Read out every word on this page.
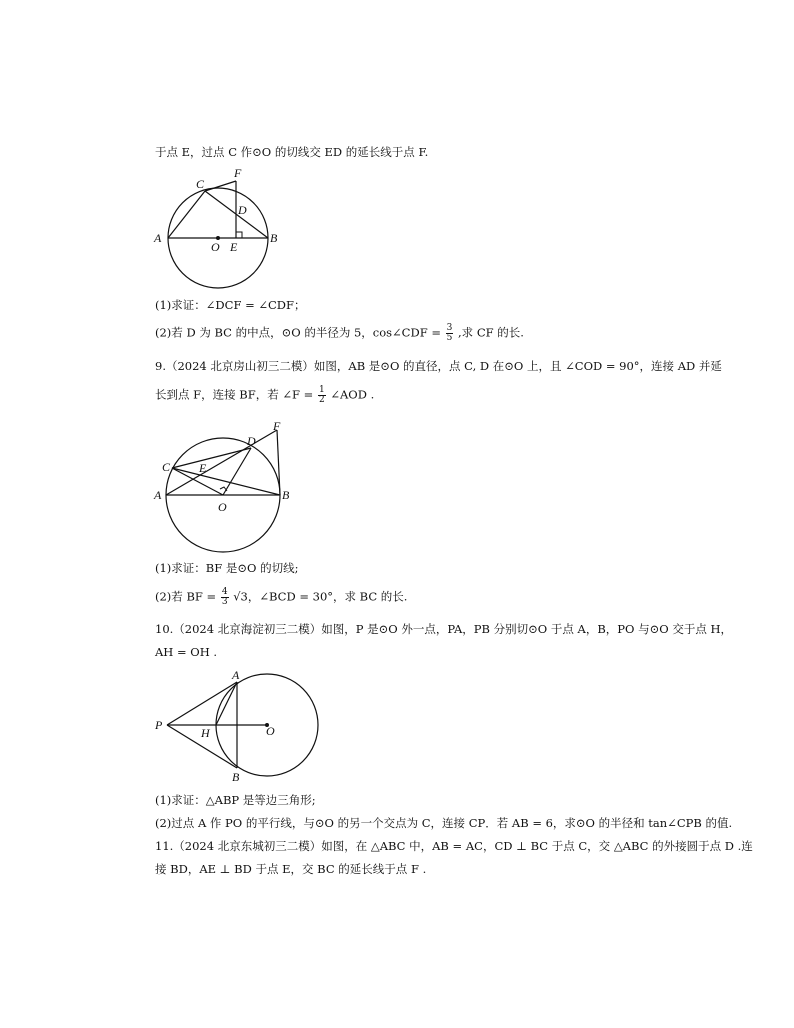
于点 E，过点 C 作⊙O 的切线交 ED 的延长线于点 F.
A	B
C
D
E
F
O
(1)求证：∠DCF = ∠CDF；
(2)若 D 为 BC 的中点，⊙O 的半径为 5，cos∠CDF = $\frac{3}{5}$ ,求 CF 的长.
9.（2024 北京房山初三二模）如图，AB 是⊙O 的直径，点 C, D 在⊙O 上，且 ∠COD = 90°，连接 AD 并延
长到点 F，连接 BF，若 ∠F = $\frac{1}{2}$ ∠AOD .
A	B
C
D
E
F
O
(1)求证：BF 是⊙O 的切线;
(2)若 BF = $\frac{4}{3} √3$，∠BCD = 30°，求 BC 的长.
10.（2024 北京海淀初三二模）如图，P 是⊙O 外一点，PA，PB 分别切⊙O 于点 A，B，PO 与⊙O 交于点 H，
AH = OH .
P
A
B
H	O
(1)求证：△ABP 是等边三角形;
(2)过点 A 作 PO 的平行线，与⊙O 的另一个交点为 C，连接 CP．若 AB = 6，求⊙O 的半径和 tan∠CPB 的值.
11.（2024 北京东城初三二模）如图，在 △ABC 中，AB = AC，CD ⊥ BC 于点 C，交 △ABC 的外接圆于点 D .连
接 BD，AE ⊥ BD 于点 E，交 BC 的延长线于点 F .
